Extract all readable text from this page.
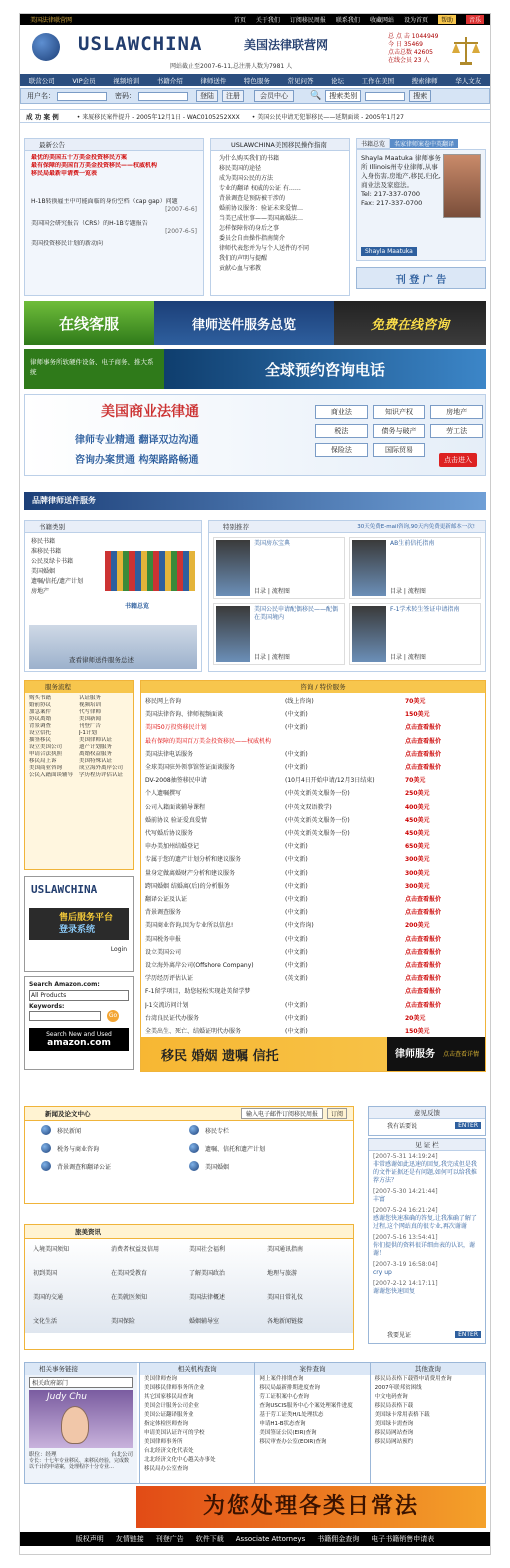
美国法律联营网	首页 关于我们 订阅移民周报 联系我们 收藏网站 设为首页	帮助	音乐
USLAWCHINA	美国法律联营网
网站截止至2007-6-11,总注册人数为7981 人
总 点 击 1044949
今 日 35469
点击总数 42605
在线会员 23 人
联营公司	VIP会员	视频培训	书籍介绍	律师送件	特色服务	常见问答	论坛	工作在美国	搜索律师	华人文友
用户名：	密码：	登陆	注册	会员中心	🔍	搜索类别	搜索
成 功 案 例	• 来厦移民案件提升 - 2005年12月1日 - WAC0105252XXX • 美国公民申请无犯罪移民——延期面谈 - 2005年1月27
最新公告
最优的美国五十万美金投资移民方案
最有保障的美国百万美金投资移民——权威机构
移民局最新申请费一览表
H-1B转换雇主中可能面临的身份空档（cap gap）问题
[2007-6-6]
美国国会研究报告（CRS）的H-1B专题报告
[2007-6-5]
美国投资移民计划的新动向
USLAWCHINA美国移民操作指南
为什么购买我们的书籍
移民美国的途径
成为美国公民的方法
专业的翻译 权威的公证 有……
背景调查是预防被干涉的
婚前协议服务：验证未来爱情…
当美已成往事——美国离婚法…
怎样保障你的身后之事
委员会自由操作指南简介
律师代表您并为与个人送件的不同
我们的声明与提醒
贡献心血与邪教
书籍总览	名家律师案卷中英翻译
Shayla Maatuka 律师事务所 Illinois州专业律师,从事入身伤害,房地产,移民,归化,商业法及家庭法。
Tel: 217-337-0700
Fax: 217-337-0700
Shayla Maatuka
刊 登 广 告
在线客服	律师送件服务总览	免费在线咨询
律师事务所软硬件设备、电子商务、推大系统	全球预约咨询电话
美国商业法律通
律师专业精通 翻译双边沟通
咨询办案贯通 构架路路畅通
商业法	知识产权	房地产
税法	债务与破产	劳工法
保险法	国际贸易
点击进入
品牌律师送件服务
书籍类别
移民书籍
准移民书籍
公民及绿卡书籍
美国婚姻
遗嘱/信托/遗产计划
房地产
书籍总览
查看律师送件服务总述
特别推荐	30天免费E-mail咨询,90天内免费更新邮本一次!
美国房东宝典
目录 | 流程图
AB生前信托指南
目录 | 流程图
美国公民申请配偶移民——配偶在美国境内
目录 | 流程图
F-1学术转生签证申请指南
目录 | 流程图
服务流程
购买书籍	认证服务
婚前协议	视频培训
加急案件	代写律师
协议离婚	美国新闻
背景调查	刊登广告
设立信托	J-1计划
抽签移民	美国律师认证
设立美国公司	遗产计划服务
申请合法执照	离婚权益服务
移民局上诉	美国特殊认证
美国商业咨询	成立海外离岸公司
公民入籍面谈辅导	学历程历评估认证
USLAWCHINA
售后服务平台
登录系统
Login
Search Amazon.com:
All Products
Keywords:
Go
Search New and Used
amazon.com
咨询 / 特价服务
移民网上咨询	(线上咨询)	70美元
美国法律咨询、律师视频面谈	(中文新)	150美元
美国50万投资移民计划	(中文新)	点击查看报价
最有保障的美国百万美金投资移民——权威机构	点击查看报价
美国法律电话服务	(中文新)	点击查看报价
全球美国驻外领事馆签证面谈服务	(中文新)	点击查看报价
DV-2008抽签移民申请	(10月4日开始申请/12月3日结束)	70美元
个人遗嘱撰写	(中英文新英文服务一份)	250美元
公司入籍面谈辅导课程	(中英文双语教学)	400美元
婚前协议 验证爱真爱情	(中英文新英文服务一份)	450美元
代写婚后协议服务	(中英文新英文服务一份)	450美元
申办美加州结婚登记	(中文新)	650美元
专属于您的遗产计划分析和建议服务	(中文新)	300美元
量身定做离婚财产分析和建议服务	(中文新)	300美元
跨国婚姻 结婚离(后)的分析服务	(中文新)	300美元
翻译公证及认证	(中文新)	点击查看报价
背景调查服务	(中文新)	点击查看报价
美国商业咨询,因为专业所以信息!	(中文咨询)	200美元
美国税务申报	(中文新)	点击查看报价
设立美国公司	(中文新)	点击查看报价
设立海外离岸公司(Offshore Company)	(中文新)	点击查看报价
学历经历评估认证	(英文新)	点击查看报价
F-1留学项目，助您轻松实现赴美留学梦	点击查看报价
J-1交流访问计划	(中文新)	点击查看报价
台湾良民证代办服务	(中文新)	20美元
全美出生、死亡、结婚证明代办服务	(中文新)	150美元
移民 婚姻 遗嘱 信托	律师服务	点击查看详情
新闻及论文中心	输入电子邮件订阅移民周报	订阅
移民新闻	移民专栏
税务与商业咨询	遗嘱、信托和遗产计划
背景调查和翻译公证	美国婚姻
意见反馈
我有话要说	ENTER
见 证 栏
[2007-5-31 14:19:24]
非常感谢如此迅速的回复,我完成但是我的文件证据还是有问题,如何可以给我推荐方法？
[2007-5-30 14:21:44]
丰富
[2007-5-24 16:21:24]
感谢您快速准确的答复,让我准确了解了过程,这个网站真的很专业,再次谢谢
[2007-5-16 13:54:41]
你们提供的资料很详细由表的认识，谢谢！
[2007-3-19 16:58:04]
cry up
[2007-2-12 14:17:11]
谢谢您快速回复
我要见证	ENTER
旅美资讯
入境美国须知	消费者权益及信用	美国社会福利	美国通讯指南
初到美国	在美国受教育	了解美国政治	地理与旅游
美国的交通	在美就医须知	美国法律概述	美国日常礼仪
文化生活	美国保险	婚姻辅导室	各地新闻链接
相关事务链接
相关政府部门
Judy Chu
职位：经理	台北公司
专长：十七年专业移民、来移民经验，完成数以千计的申请案，处理程序十分专业…
相关机构查询
美国律师查询
美国移民律师事务所企业
其它国家移民局查询
美国会计服务公司企业
美国公证翻译服务业
指定体检医师查询
申请美国认证许可的学校
美国律师事务所
台北经济文化代表处
北北经济文化中心越关办事处
移民局办公室查询
案件查询
网上案件排期查询
移民局最新排期进度查询
劳工证积案中心查询
查询USCIS服务中心个案处理案件进度
基于劳工证类H/L处理状态
申请H1-B状态查询
美国签证公民(EIR)查询
移民审查办公室(EOIR)查询
其他查询
移民局表格下载暨申请费用查询
2007年联邦贫困线
中文电码查询
移民局表格下载
美国绿卡常用表格下载
美国绿卡需查询
移民局网站查询
移民局网站预约
为您处理各类日常法
版权声明 友情链接 刊登广告 软件下载 Associate Attorneys 书籍佣金查询 电子书籍销售申请表
